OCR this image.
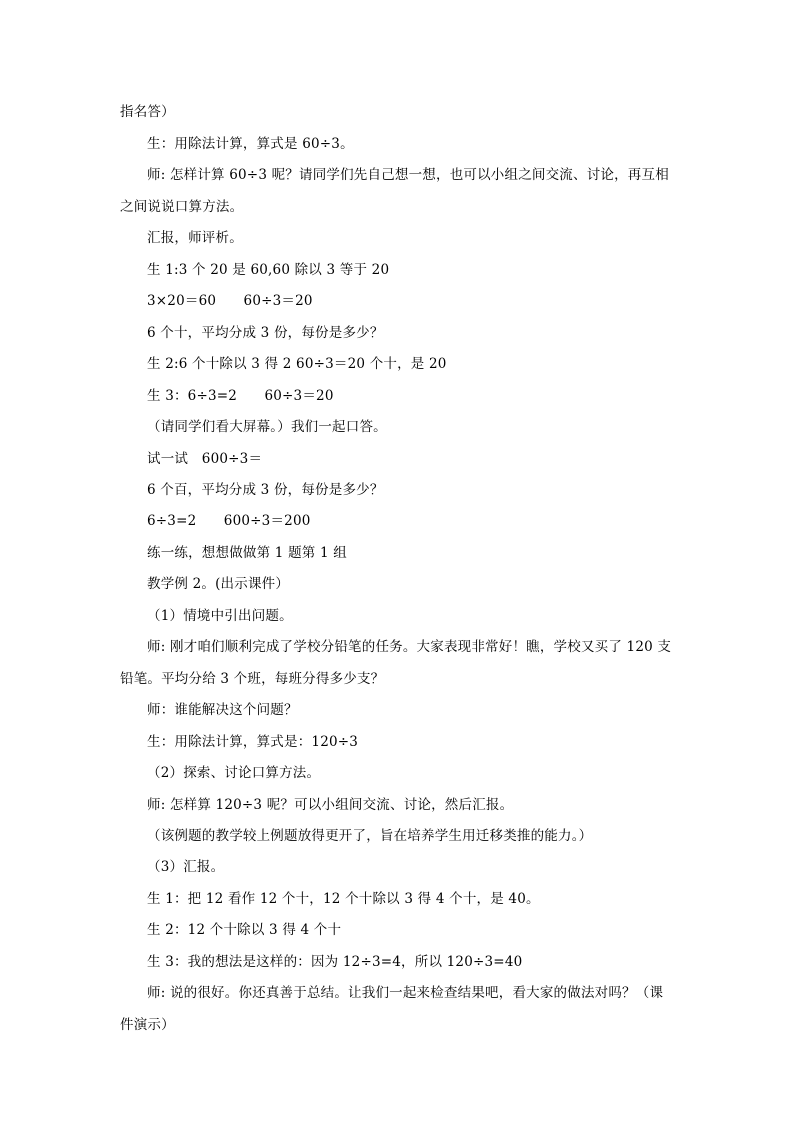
指名答）
生：用除法计算，算式是 60÷3。
师: 怎样计算 60÷3 呢？请同学们先自己想一想，也可以小组之间交流、讨论，再互相
之间说说口算方法。
汇报，师评析。
生 1:3 个 20 是 60,60 除以 3 等于 20
3×20＝60　　60÷3＝20
6 个十，平均分成 3 份，每份是多少？
生 2:6 个十除以 3 得 2 60÷3＝20 个十，是 20
生 3：6÷3=2　　60÷3＝20
（请同学们看大屏幕。）我们一起口答。
试一试　600÷3＝
6 个百，平均分成 3 份，每份是多少？
6÷3=2　　600÷3＝200
练一练，想想做做第 1 题第 1 组
教学例 2。(出示课件）
（1）情境中引出问题。
师: 刚才咱们顺利完成了学校分铅笔的任务。大家表现非常好！瞧，学校又买了 120 支
铅笔。平均分给 3 个班，每班分得多少支？
师：谁能解决这个问题？
生：用除法计算，算式是：120÷3
（2）探索、讨论口算方法。
师: 怎样算 120÷3 呢？可以小组间交流、讨论，然后汇报。
（该例题的教学较上例题放得更开了，旨在培养学生用迁移类推的能力。）
（3）汇报。
生 1：把 12 看作 12 个十，12 个十除以 3 得 4 个十，是 40。
生 2：12 个十除以 3 得 4 个十
生 3：我的想法是这样的：因为 12÷3=4，所以 120÷3=40
师: 说的很好。你还真善于总结。让我们一起来检查结果吧，看大家的做法对吗？（课
件演示）
